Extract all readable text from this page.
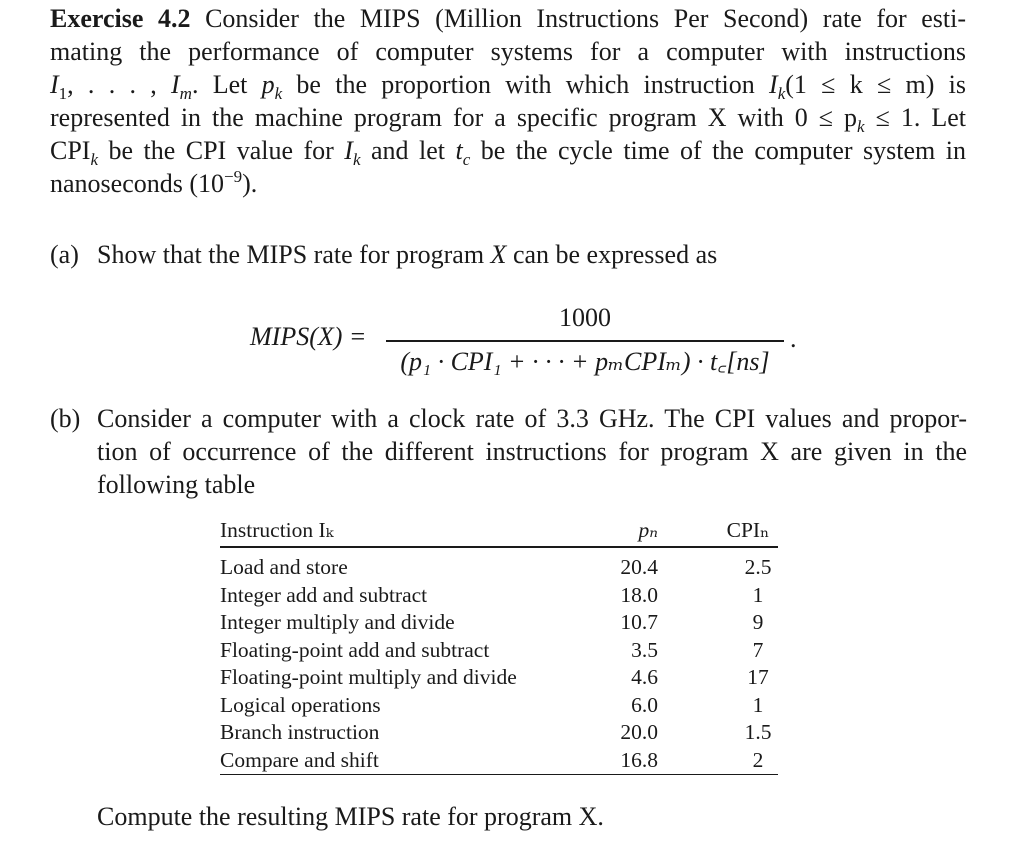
Exercise 4.2 Consider the MIPS (Million Instructions Per Second) rate for esti-
mating the performance of computer systems for a computer with instructions
$I_1$, . . . , $I_m$. Let $p_k$ be the proportion with which instruction $I_k(1 \le k \le m)$ is
represented in the machine program for a specific program X with $0 \le p_k \le 1$. Let
$CPI_k$ be the CPI value for $I_k$ and let $t_c$ be the cycle time of the computer system in
nanoseconds $(10^{-9})$.
(a) Show that the MIPS rate for program X can be expressed as
MIPS(X) =
1000
(p₁ · CPI₁ + · · · + pₘCPIₘ) · t꜀[ns]
.
(b) Consider a computer with a clock rate of 3.3 GHz. The CPI values and propor-
tion of occurrence of the different instructions for program X are given in the
following table
Instruction Iₖ	pₙ	CPIₙ
Load and store	20.4	2.5
Integer add and subtract	18.0	1
Integer multiply and divide	10.7	9
Floating-point add and subtract	3.5	7
Floating-point multiply and divide	4.6	17
Logical operations	6.0	1
Branch instruction	20.0	1.5
Compare and shift	16.8	2
Compute the resulting MIPS rate for program X.
